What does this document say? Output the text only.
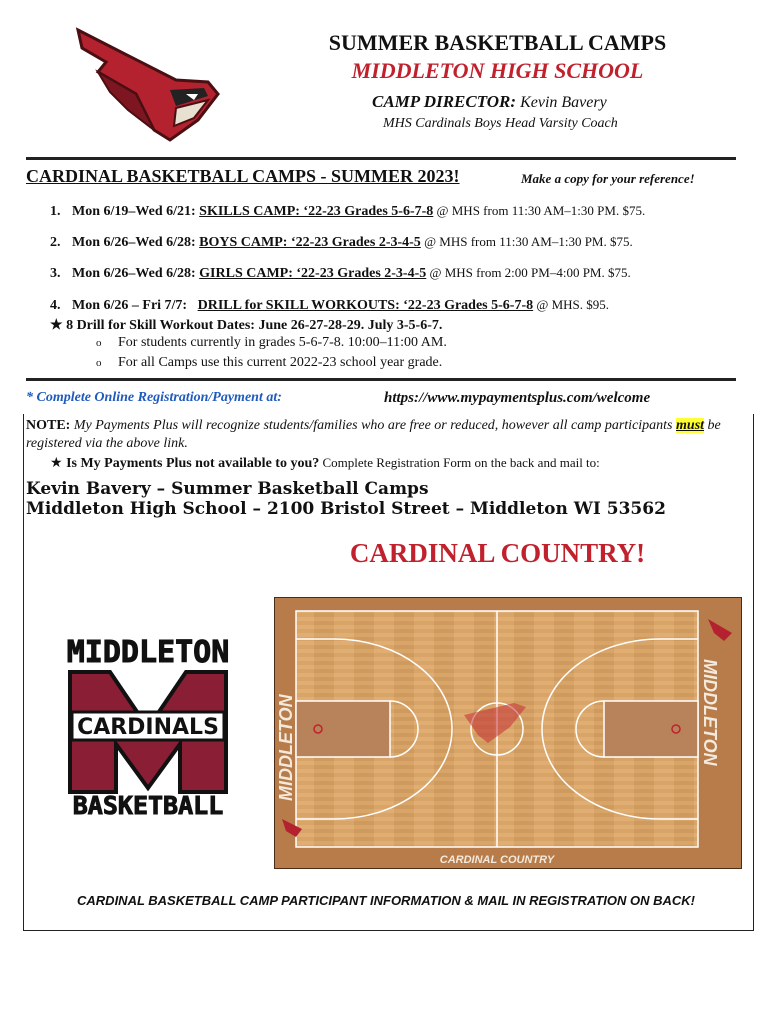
SUMMER BASKETBALL CAMPS
MIDDLETON HIGH SCHOOL
CAMP DIRECTOR: Kevin Bavery
MHS Cardinals Boys Head Varsity Coach
CARDINAL BASKETBALL CAMPS - SUMMER 2023!	Make a copy for your reference!
1. Mon 6/19–Wed 6/21: SKILLS CAMP: ‘22-23 Grades 5-6-7-8 @ MHS from 11:30 AM–1:30 PM. $75.
2. Mon 6/26–Wed 6/28: BOYS CAMP: ‘22-23 Grades 2-3-4-5 @ MHS from 11:30 AM–1:30 PM. $75.
3. Mon 6/26–Wed 6/28: GIRLS CAMP: ‘22-23 Grades 2-3-4-5 @ MHS from 2:00 PM–4:00 PM. $75.
4. Mon 6/26 – Fri 7/7:   DRILL for SKILL WORKOUTS: ‘22-23 Grades 5-6-7-8 @ MHS. $95.
★ 8 Drill for Skill Workout Dates: June 26-27-28-29. July 3-5-6-7.
o For students currently in grades 5-6-7-8. 10:00–11:00 AM.
o For all Camps use this current 2022-23 school year grade.
* Complete Online Registration/Payment at:	https://www.mypaymentsplus.com/welcome
NOTE: My Payments Plus will recognize students/families who are free or reduced, however all camp participants must be registered via the above link.
★ Is My Payments Plus not available to you? Complete Registration Form on the back and mail to:
Kevin Bavery – Summer Basketball Camps
Middleton High School – 2100 Bristol Street – Middleton WI 53562
CARDINAL COUNTRY!
MIDDLETON
CARDINALS
BASKETBALL
MIDDLETON	MIDDLETON
CARDINAL COUNTRY
CARDINAL BASKETBALL CAMP PARTICIPANT INFORMATION & MAIL IN REGISTRATION ON BACK!
